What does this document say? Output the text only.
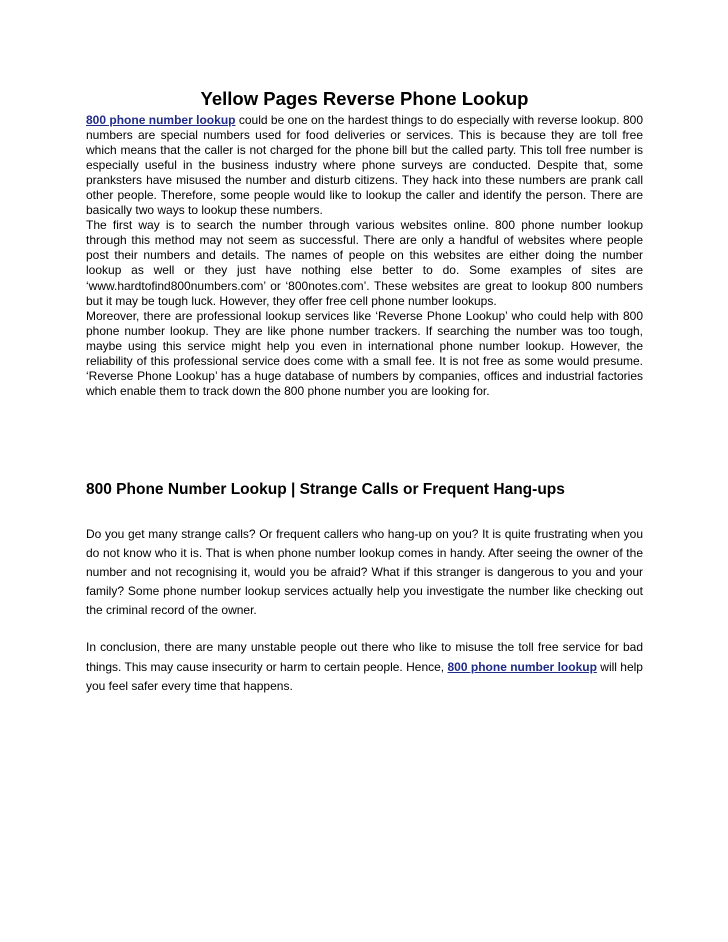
Yellow Pages Reverse Phone Lookup

800 phone number lookup could be one on the hardest things to do especially with reverse lookup. 800 numbers are special numbers used for food deliveries or services. This is because they are toll free which means that the caller is not charged for the phone bill but the called party. This toll free number is especially useful in the business industry where phone surveys are conducted. Despite that, some pranksters have misused the number and disturb citizens. They hack into these numbers are prank call other people. Therefore, some people would like to lookup the caller and identify the person. There are basically two ways to lookup these numbers.

The first way is to search the number through various websites online. 800 phone number lookup through this method may not seem as successful. There are only a handful of websites where people post their numbers and details. The names of people on this websites are either doing the number lookup as well or they just have nothing else better to do. Some examples of sites are ‘www.hardtofind800numbers.com’ or ‘800notes.com’. These websites are great to lookup 800 numbers but it may be tough luck. However, they offer free cell phone number lookups.

Moreover, there are professional lookup services like ‘Reverse Phone Lookup’ who could help with 800 phone number lookup. They are like phone number trackers. If searching the number was too tough, maybe using this service might help you even in international phone number lookup. However, the reliability of this professional service does come with a small fee. It is not free as some would presume. ‘Reverse Phone Lookup’ has a huge database of numbers by companies, offices and industrial factories which enable them to track down the 800 phone number you are looking for.

800 Phone Number Lookup | Strange Calls or Frequent Hang-ups

Do you get many strange calls? Or frequent callers who hang-up on you? It is quite frustrating when you do not know who it is. That is when phone number lookup comes in handy. After seeing the owner of the number and not recognising it, would you be afraid? What if this stranger is dangerous to you and your family? Some phone number lookup services actually help you investigate the number like checking out the criminal record of the owner.

In conclusion, there are many unstable people out there who like to misuse the toll free service for bad things. This may cause insecurity or harm to certain people. Hence, 800 phone number lookup will help you feel safer every time that happens.
